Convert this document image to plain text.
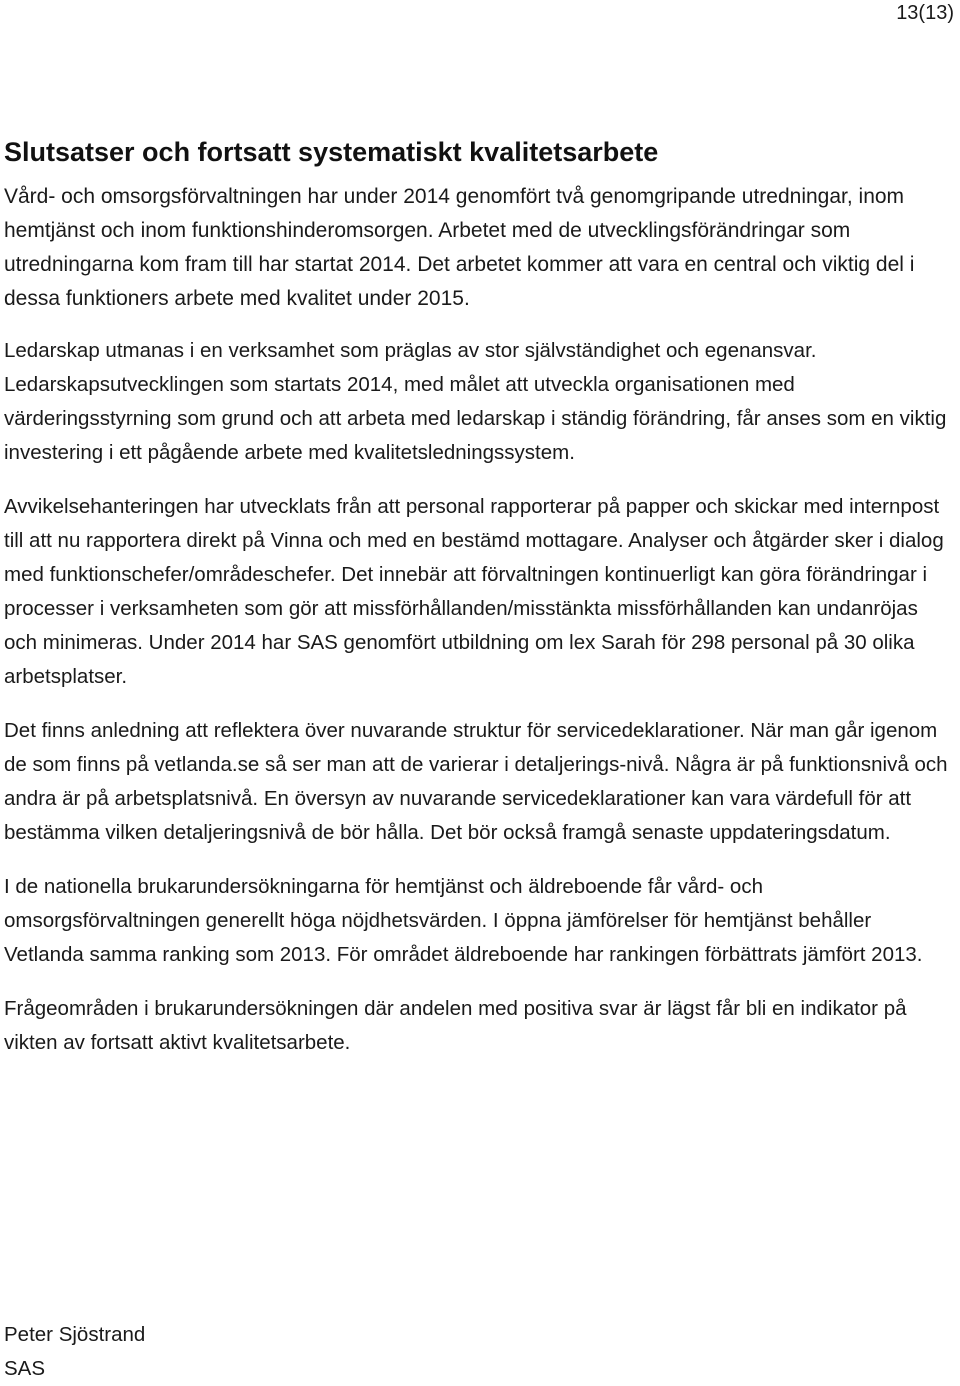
13(13)
Slutsatser och fortsatt systematiskt kvalitetsarbete

Vård- och omsorgsförvaltningen har under 2014 genomfört två genomgripande utredningar, inom hemtjänst och inom funktionshinderomsorgen. Arbetet med de utvecklingsförändringar som utredningarna kom fram till har startat 2014. Det arbetet kommer att vara en central och viktig del i dessa funktioners arbete med kvalitet under 2015.

Ledarskap utmanas i en verksamhet som präglas av stor självständighet och egenansvar.

Ledarskapsutvecklingen som startats 2014, med målet att utveckla organisationen med värderingsstyrning som grund och att arbeta med ledarskap i ständig förändring, får anses som en viktig investering i ett pågående arbete med kvalitetsledningssystem.

Avvikelsehanteringen har utvecklats från att personal rapporterar på papper och skickar med internpost till att nu rapportera direkt på Vinna och med en bestämd mottagare. Analyser och åtgärder sker i dialog med funktionschefer/områdeschefer. Det innebär att förvaltningen kontinuerligt kan göra förändringar i processer i verksamheten som gör att missförhållanden/misstänkta missförhållanden kan undanröjas och minimeras. Under 2014 har SAS genomfört utbildning om lex Sarah för 298 personal på 30 olika arbetsplatser.

Det finns anledning att reflektera över nuvarande struktur för servicedeklarationer. När man går igenom de som finns på vetlanda.se så ser man att de varierar i detaljerings-nivå. Några är på funktionsnivå och andra är på arbetsplatsnivå. En översyn av nuvarande servicedeklarationer kan vara värdefull för att bestämma vilken detaljeringsnivå de bör hålla. Det bör också framgå senaste uppdateringsdatum.

I de nationella brukarundersökningarna för hemtjänst och äldreboende får vård- och omsorgsförvaltningen generellt höga nöjdhetsvärden. I öppna jämförelser för hemtjänst behåller Vetlanda samma ranking som 2013. För området äldreboende har rankingen förbättrats jämfört 2013.

Frågeområden i brukarundersökningen där andelen med positiva svar är lägst får bli en indikator på vikten av fortsatt aktivt kvalitetsarbete.

Peter Sjöstrand
SAS
